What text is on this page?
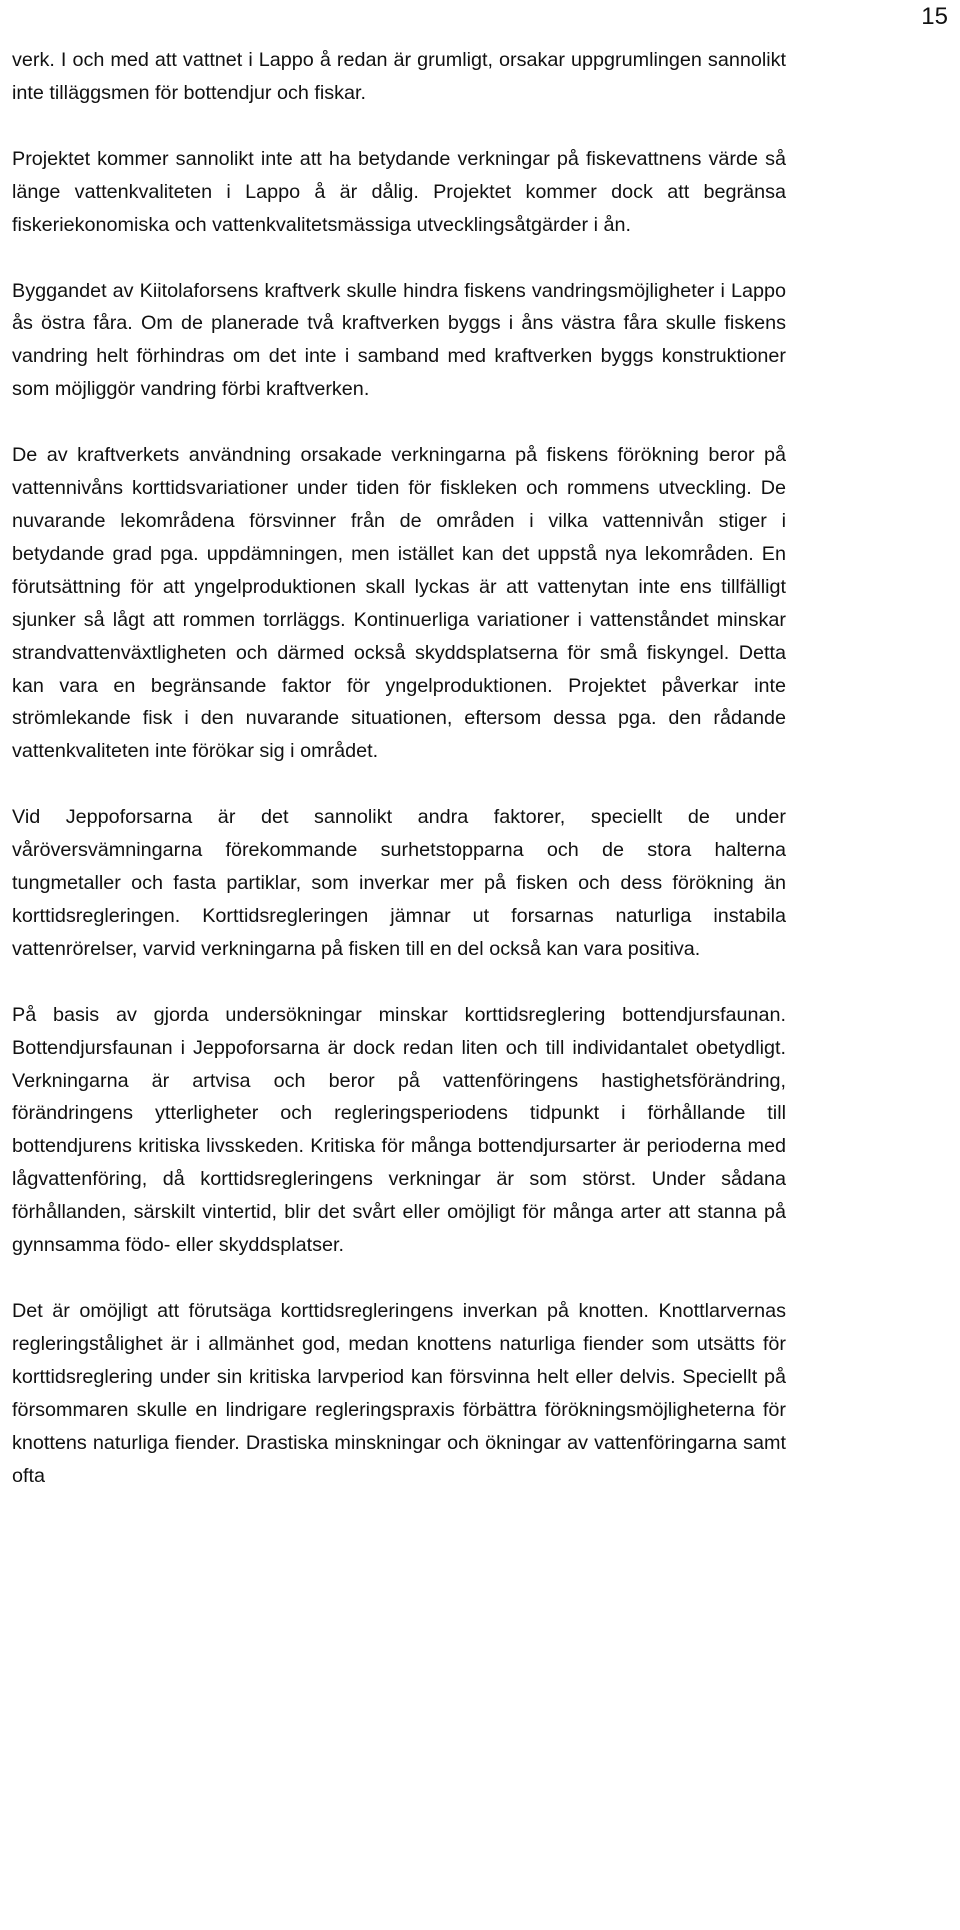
15

verk. I och med att vattnet i Lappo å redan är grumligt, orsakar uppgrumlingen sannolikt inte tilläggsmen för bottendjur och fiskar.

Projektet kommer sannolikt inte att ha betydande verkningar på fiskevattnens värde så länge vattenkvaliteten i Lappo å är dålig. Projektet kommer dock att begränsa fiskeriekonomiska och vattenkvalitetsmässiga utvecklingsåtgärder i ån.

Byggandet av Kiitolaforsens kraftverk skulle hindra fiskens vandringsmöjligheter i Lappo ås östra fåra. Om de planerade två kraftverken byggs i åns västra fåra skulle fiskens vandring helt förhindras om det inte i samband med kraftverken byggs konstruktioner som möjliggör vandring förbi kraftverken.

De av kraftverkets användning orsakade verkningarna på fiskens förökning beror på vattennivåns korttidsvariationer under tiden för fiskleken och rommens utveckling. De nuvarande lekområdena försvinner från de områden i vilka vattennivån stiger i betydande grad pga. uppdämningen, men istället kan det uppstå nya lekområden. En förutsättning för att yngelproduktionen skall lyckas är att vattenytan inte ens tillfälligt sjunker så lågt att rommen torrläggs. Kontinuerliga variationer i vattenståndet minskar strandvattenväxtligheten och därmed också skyddsplatserna för små fiskyngel. Detta kan vara en begränsande faktor för yngelproduktionen. Projektet påverkar inte strömlekande fisk i den nuvarande situationen, eftersom dessa pga. den rådande vattenkvaliteten inte förökar sig i området.

Vid Jeppoforsarna är det sannolikt andra faktorer, speciellt de under våröversvämningarna förekommande surhetstopparna och de stora halterna tungmetaller och fasta partiklar, som inverkar mer på fisken och dess förökning än korttidsregleringen. Korttidsregleringen jämnar ut forsarnas naturliga instabila vattenrörelser, varvid verkningarna på fisken till en del också kan vara positiva.

På basis av gjorda undersökningar minskar korttidsreglering bottendjursfaunan. Bottendjursfaunan i Jeppoforsarna är dock redan liten och till individantalet obetydligt. Verkningarna är artvisa och beror på vattenföringens hastighetsförändring, förändringens ytterligheter och regleringsperiodens tidpunkt i förhållande till bottendjurens kritiska livsskeden. Kritiska för många bottendjursarter är perioderna med lågvattenföring, då korttidsregleringens verkningar är som störst. Under sådana förhållanden, särskilt vintertid, blir det svårt eller omöjligt för många arter att stanna på gynnsamma födo- eller skyddsplatser.

Det är omöjligt att förutsäga korttidsregleringens inverkan på knotten. Knottlarvernas regleringstålighet är i allmänhet god, medan knottens naturliga fiender som utsätts för korttidsreglering under sin kritiska larvperiod kan försvinna helt eller delvis. Speciellt på försommaren skulle en lindrigare regleringspraxis förbättra förökningsmöjligheterna för knottens naturliga fiender. Drastiska minskningar och ökningar av vattenföringarna samt ofta
